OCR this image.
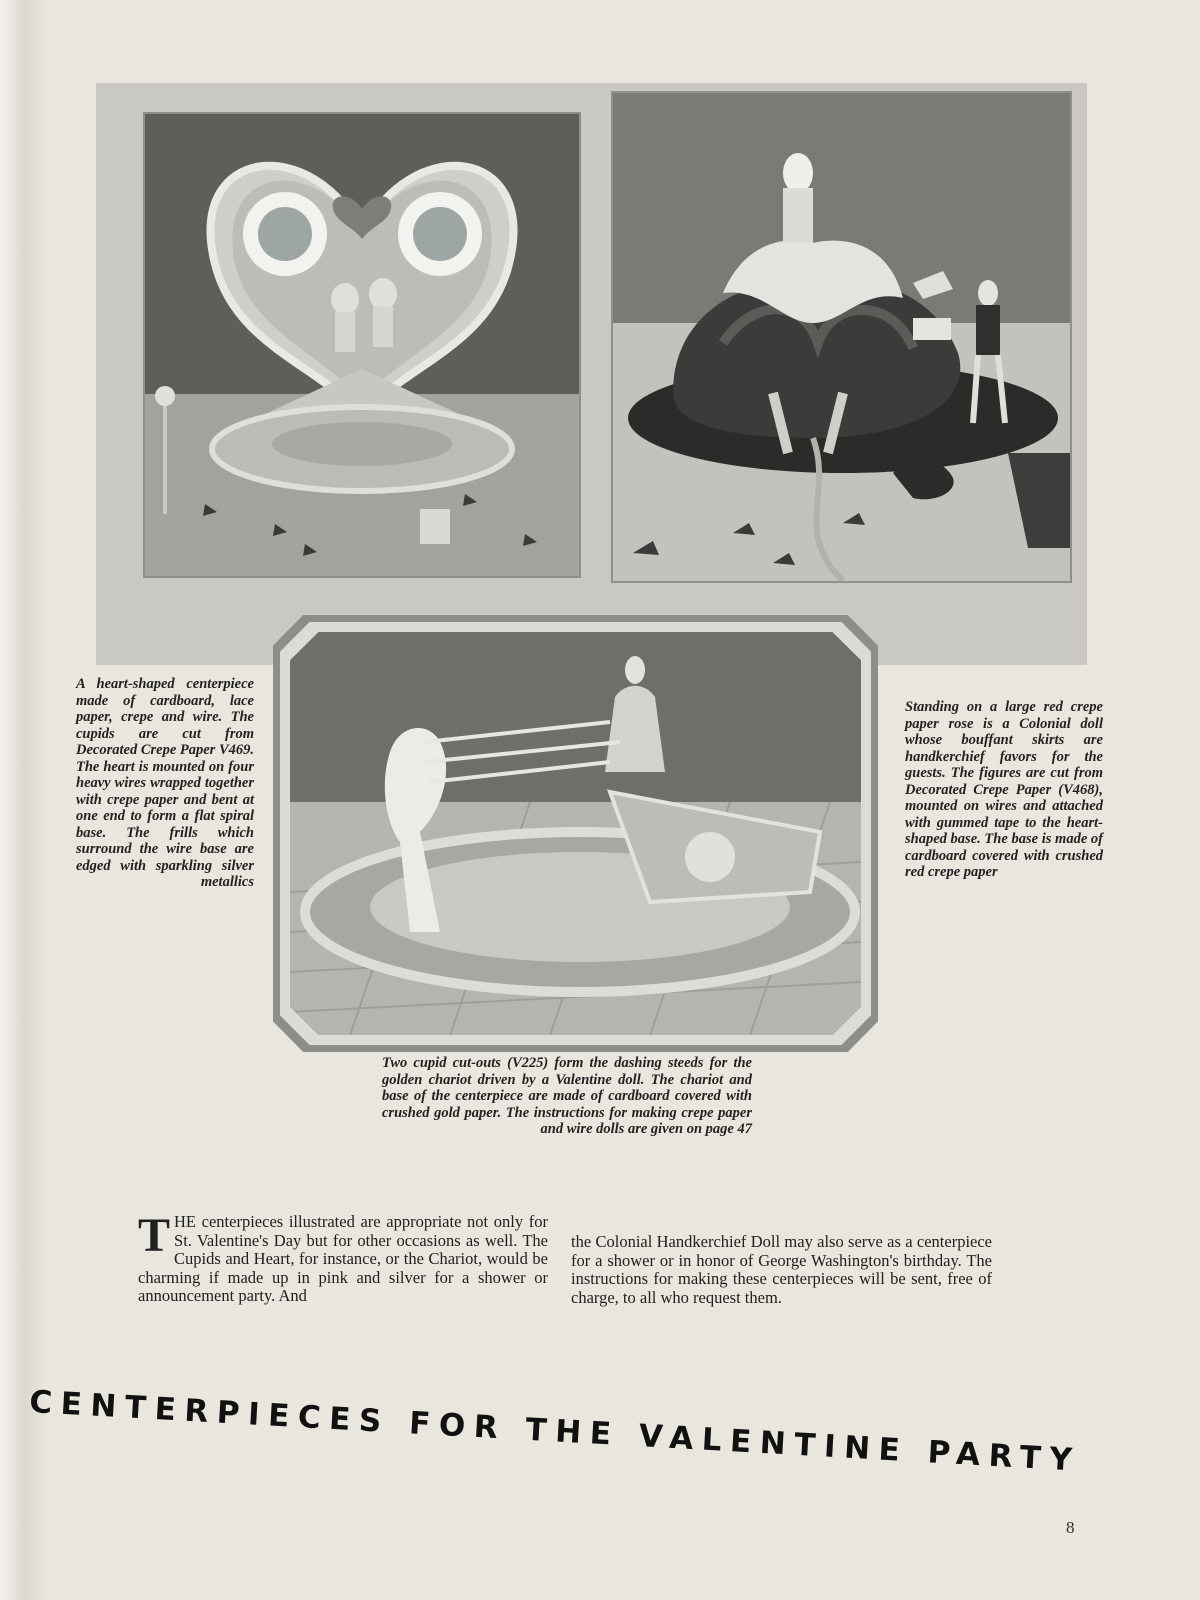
A heart-shaped centerpiece made of cardboard, lace paper, crepe and wire. The cupids are cut from Decorated Crepe Paper V469. The heart is mounted on four heavy wires wrapped together with crepe paper and bent at one end to form a flat spiral base. The frills which surround the wire base are edged with sparkling silver metallics
Standing on a large red crepe paper rose is a Colonial doll whose bouffant skirts are handkerchief favors for the guests. The figures are cut from Decorated Crepe Paper (V468), mounted on wires and attached with gummed tape to the heart-shaped base. The base is made of cardboard covered with crushed red crepe paper
Two cupid cut-outs (V225) form the dashing steeds for the golden chariot driven by a Valentine doll. The chariot and base of the centerpiece are made of cardboard covered with crushed gold paper. The instructions for making crepe paper and wire dolls are given on page 47
THE centerpieces illustrated are appropriate not only for St. Valentine's Day but for other occasions as well. The Cupids and Heart, for instance, or the Chariot, would be charming if made up in pink and silver for a shower or announcement party. And
the Colonial Handkerchief Doll may also serve as a centerpiece for a shower or in honor of George Washington's birthday. The instructions for making these centerpieces will be sent, free of charge, to all who request them.
CENTERPIECES FOR THE VALENTINE PARTY
8
